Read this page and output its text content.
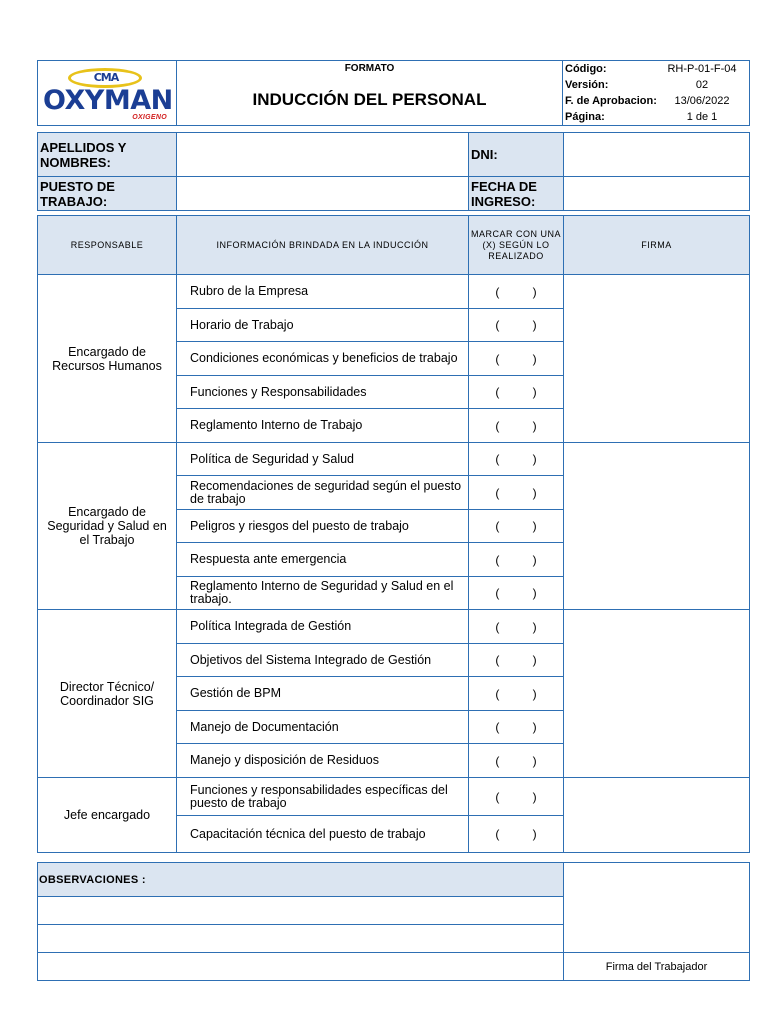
CMA
OXYMAN
OXIGENO

FORMATO
INDUCCIÓN DEL PERSONAL

Código:	RH-P-01-F-04
Versión:	02
F. de Aprobacion:	13/06/2022
Página:	1 de 1
APELLIDOS Y NOMBRES:		DNI:	
PUESTO DE TRABAJO:		FECHA DE INGRESO:	
RESPONSABLE	INFORMACIÓN BRINDADA EN LA INDUCCIÓN	MARCAR CON UNA (X) SEGÚN LO REALIZADO	FIRMA
Encargado de Recursos Humanos	Rubro de la Empresa	(          )	
	Horario de Trabajo	(          )	
	Condiciones económicas y beneficios de trabajo	(          )	
	Funciones y Responsabilidades	(          )	
	Reglamento Interno de Trabajo	(          )	
Encargado de Seguridad y Salud en el Trabajo	Política de Seguridad y Salud	(          )	
	Recomendaciones de seguridad según el puesto de trabajo	(          )	
	Peligros y riesgos del puesto de trabajo	(          )	
	Respuesta ante emergencia	(          )	
	Reglamento Interno de Seguridad y Salud en el trabajo.	(          )	
Director Técnico/ Coordinador SIG	Política Integrada de Gestión	(          )	
	Objetivos del Sistema Integrado de Gestión	(          )	
	Gestión de BPM	(          )	
	Manejo de Documentación	(          )	
	Manejo y disposición de Residuos	(          )	
Jefe encargado	Funciones y responsabilidades específicas del puesto de trabajo	(          )	
	Capacitación técnica del puesto de trabajo	(          )	
OBSERVACIONES :	

	Firma del Trabajador
